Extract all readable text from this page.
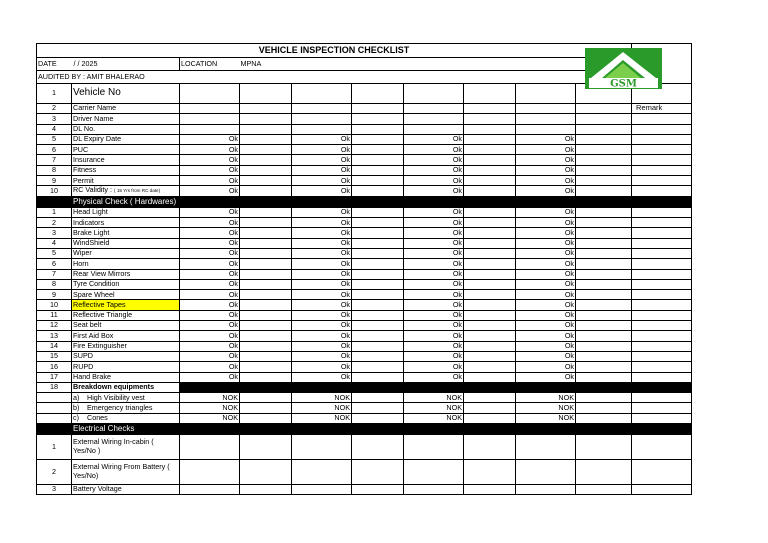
VEHICLE INSPECTION CHECKLIST										
DATE	/ / 2025	LOCATION	MPNA							
AUDITED BY : AMIT BHALERAO										
1	Vehicle No									
2	Carrier Name									
3	Driver Name									
4	DL No.									
5	DL Expiry Date	Ok		Ok		Ok		Ok		
6	PUC	Ok		Ok		Ok		Ok		
7	Insurance	Ok		Ok		Ok		Ok		
8	Fitness	Ok		Ok		Ok		Ok		
9	Permit	Ok		Ok		Ok		Ok		
10	RC Validity : ( 15 Yrs from RC date)	Ok		Ok		Ok		Ok		
	Physical Check ( Hardwares)									
1	Head Light	Ok		Ok		Ok		Ok		
2	Indicators	Ok		Ok		Ok		Ok		
3	Brake Light	Ok		Ok		Ok		Ok		
4	WindShield	Ok		Ok		Ok		Ok		
5	Wiper	Ok		Ok		Ok		Ok		
6	Horn	Ok		Ok		Ok		Ok		
7	Rear View Mirrors	Ok		Ok		Ok		Ok		
8	Tyre Condition	Ok		Ok		Ok		Ok		
9	Spare Wheel	Ok		Ok		Ok		Ok		
10	Reflective Tapes	Ok		Ok		Ok		Ok		
11	Reflective Triangle	Ok		Ok		Ok		Ok		
12	Seat belt	Ok		Ok		Ok		Ok		
13	First Aid Box	Ok		Ok		Ok		Ok		
14	Fire Extinguisher	Ok		Ok		Ok		Ok		
15	SUPD	Ok		Ok		Ok		Ok		
16	RUPD	Ok		Ok		Ok		Ok		
17	Hand Brake	Ok		Ok		Ok		Ok		
18	Breakdown equipments									
	a) High Visibility vest	NOK		NOK		NOK		NOK		
	b) Emergency triangles	NOK		NOK		NOK		NOK		
	c) Cones	NOK		NOK		NOK		NOK		
	Electrical Checks									
1	External Wiring In-cabin ( Yes/No )									
2	External Wiring From Battery ( Yes/No)									
3	Battery Voltage									
GSM
Remark
